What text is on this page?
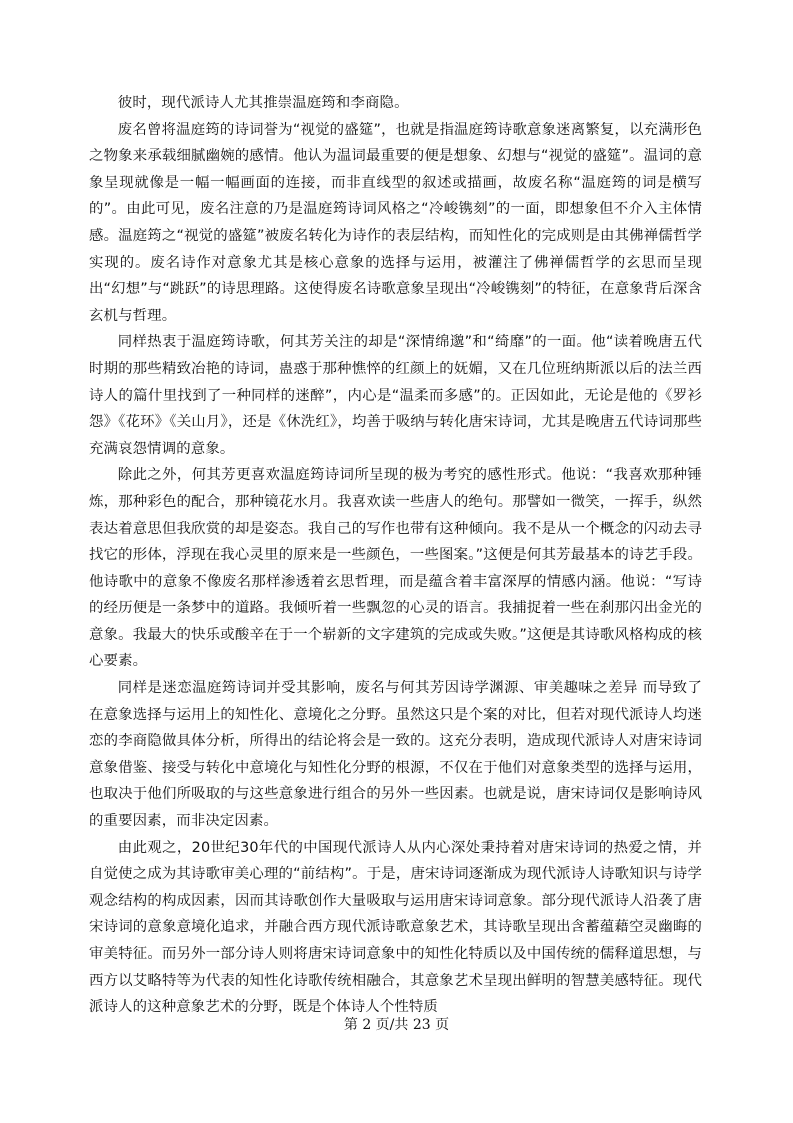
彼时，现代派诗人尤其推崇温庭筠和李商隐。

废名曾将温庭筠的诗词誉为“视觉的盛筵”，也就是指温庭筠诗歌意象迷离繁复，以充满形色之物象来承载细腻幽婉的感情。他认为温词最重要的便是想象、幻想与“视觉的盛筵”。温词的意象呈现就像是一幅一幅画面的连接，而非直线型的叙述或描画，故废名称“温庭筠的词是横写的”。由此可见，废名注意的乃是温庭筠诗词风格之“冷峻镌刻”的一面，即想象但不介入主体情感。温庭筠之“视觉的盛筵”被废名转化为诗作的表层结构，而知性化的完成则是由其佛禅儒哲学实现的。废名诗作对意象尤其是核心意象的选择与运用，被灌注了佛禅儒哲学的玄思而呈现出“幻想”与“跳跃”的诗思理路。这使得废名诗歌意象呈现出“冷峻镌刻”的特征，在意象背后深含玄机与哲理。

同样热衷于温庭筠诗歌，何其芳关注的却是“深情绵邈”和“绮靡”的一面。他“读着晚唐五代时期的那些精致冶艳的诗词，蛊惑于那种憔悴的红颜上的妩媚，又在几位班纳斯派以后的法兰西诗人的篇什里找到了一种同样的迷醉”，内心是“温柔而多感”的。正因如此，无论是他的《罗衫怨》《花环》《关山月》，还是《休洗红》，均善于吸纳与转化唐宋诗词，尤其是晚唐五代诗词那些充满哀怨情调的意象。

除此之外，何其芳更喜欢温庭筠诗词所呈现的极为考究的感性形式。他说：“我喜欢那种锤炼，那种彩色的配合，那种镜花水月。我喜欢读一些唐人的绝句。那譬如一微笑，一挥手，纵然表达着意思但我欣赏的却是姿态。我自己的写作也带有这种倾向。我不是从一个概念的闪动去寻找它的形体，浮现在我心灵里的原来是一些颜色，一些图案。”这便是何其芳最基本的诗艺手段。他诗歌中的意象不像废名那样渗透着玄思哲理，而是蕴含着丰富深厚的情感内涵。他说：“写诗的经历便是一条梦中的道路。我倾听着一些飘忽的心灵的语言。我捕捉着一些在刹那闪出金光的意象。我最大的快乐或酸辛在于一个崭新的文字建筑的完成或失败。”这便是其诗歌风格构成的核心要素。

同样是迷恋温庭筠诗词并受其影响，废名与何其芳因诗学渊源、审美趣味之差异 而导致了在意象选择与运用上的知性化、意境化之分野。虽然这只是个案的对比，但若对现代派诗人均迷恋的李商隐做具体分析，所得出的结论将会是一致的。这充分表明，造成现代派诗人对唐宋诗词意象借鉴、接受与转化中意境化与知性化分野的根源，不仅在于他们对意象类型的选择与运用，也取决于他们所吸取的与这些意象进行组合的另外一些因素。也就是说，唐宋诗词仅是影响诗风的重要因素，而非决定因素。

由此观之，20世纪30年代的中国现代派诗人从内心深处秉持着对唐宋诗词的热爱之情，并自觉使之成为其诗歌审美心理的“前结构”。于是，唐宋诗词逐渐成为现代派诗人诗歌知识与诗学观念结构的构成因素，因而其诗歌创作大量吸取与运用唐宋诗词意象。部分现代派诗人沿袭了唐宋诗词的意象意境化追求，并融合西方现代派诗歌意象艺术，其诗歌呈现出含蓄蕴藉空灵幽晦的审美特征。而另外一部分诗人则将唐宋诗词意象中的知性化特质以及中国传统的儒释道思想，与西方以艾略特等为代表的知性化诗歌传统相融合，其意象艺术呈现出鲜明的智慧美感特征。现代派诗人的这种意象艺术的分野，既是个体诗人个性特质

第 2 页/共 23 页
